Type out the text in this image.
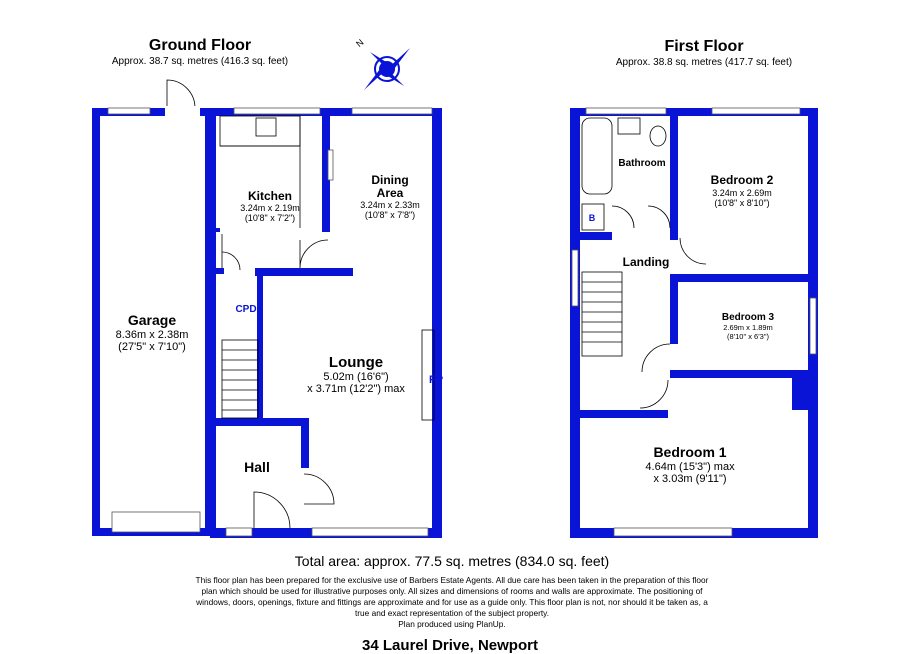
Ground Floor
Approx. 38.7 sq. metres (416.3 sq. feet)
N
Garage
8.36m x 2.38m
(27'5" x 7'10")
Kitchen
3.24m x 2.19m
(10'8" x 7'2")
Dining
Area
3.24m x 2.33m
(10'8" x 7'8")
CPD
Lounge
5.02m (16'6")
x 3.71m (12'2") max
FP
Hall
First Floor
Approx. 38.8 sq. metres (417.7 sq. feet)
Bathroom
B
Bedroom 2
3.24m x 2.69m
(10'8" x 8'10")
Landing
Bedroom 3
2.69m x 1.89m
(8'10" x 6'3")
Bedroom 1
4.64m (15'3") max
x 3.03m (9'11")
Total area: approx. 77.5 sq. metres (834.0 sq. feet)
This floor plan has been prepared for the exclusive use of Barbers Estate Agents. All due care has been taken in the preparation of this floor
plan which should be used for illustrative purposes only. All sizes and dimensions of rooms and walls are approximate. The positioning of
windows, doors, openings, fixture and fittings are approximate and for use as a guide only. This floor plan is not, nor should it be taken as, a
true and exact representation of the subject property.
Plan produced using PlanUp.
34 Laurel Drive, Newport
